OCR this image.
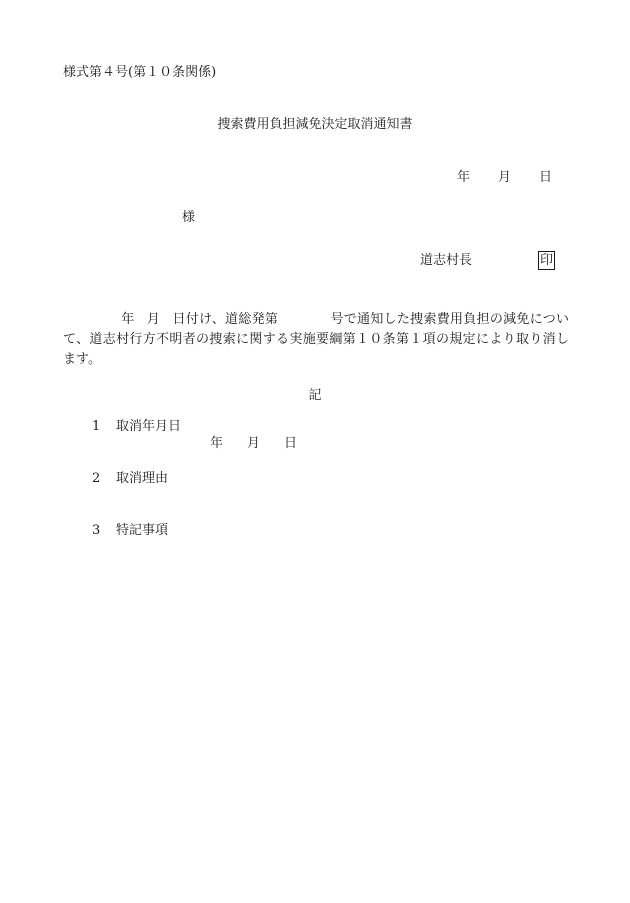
様式第４号(第１０条関係)
捜索費用負担減免決定取消通知書
年 月 日
様
道志村長	印
年 月 日付け、道総発第	号で通知した捜索費用負担の減免について、道志村行方不明者の捜索に関する実施要綱第１０条第１項の規定により取り消します。
記
1	取消年月日
年 月 日
2	取消理由
3	特記事項
